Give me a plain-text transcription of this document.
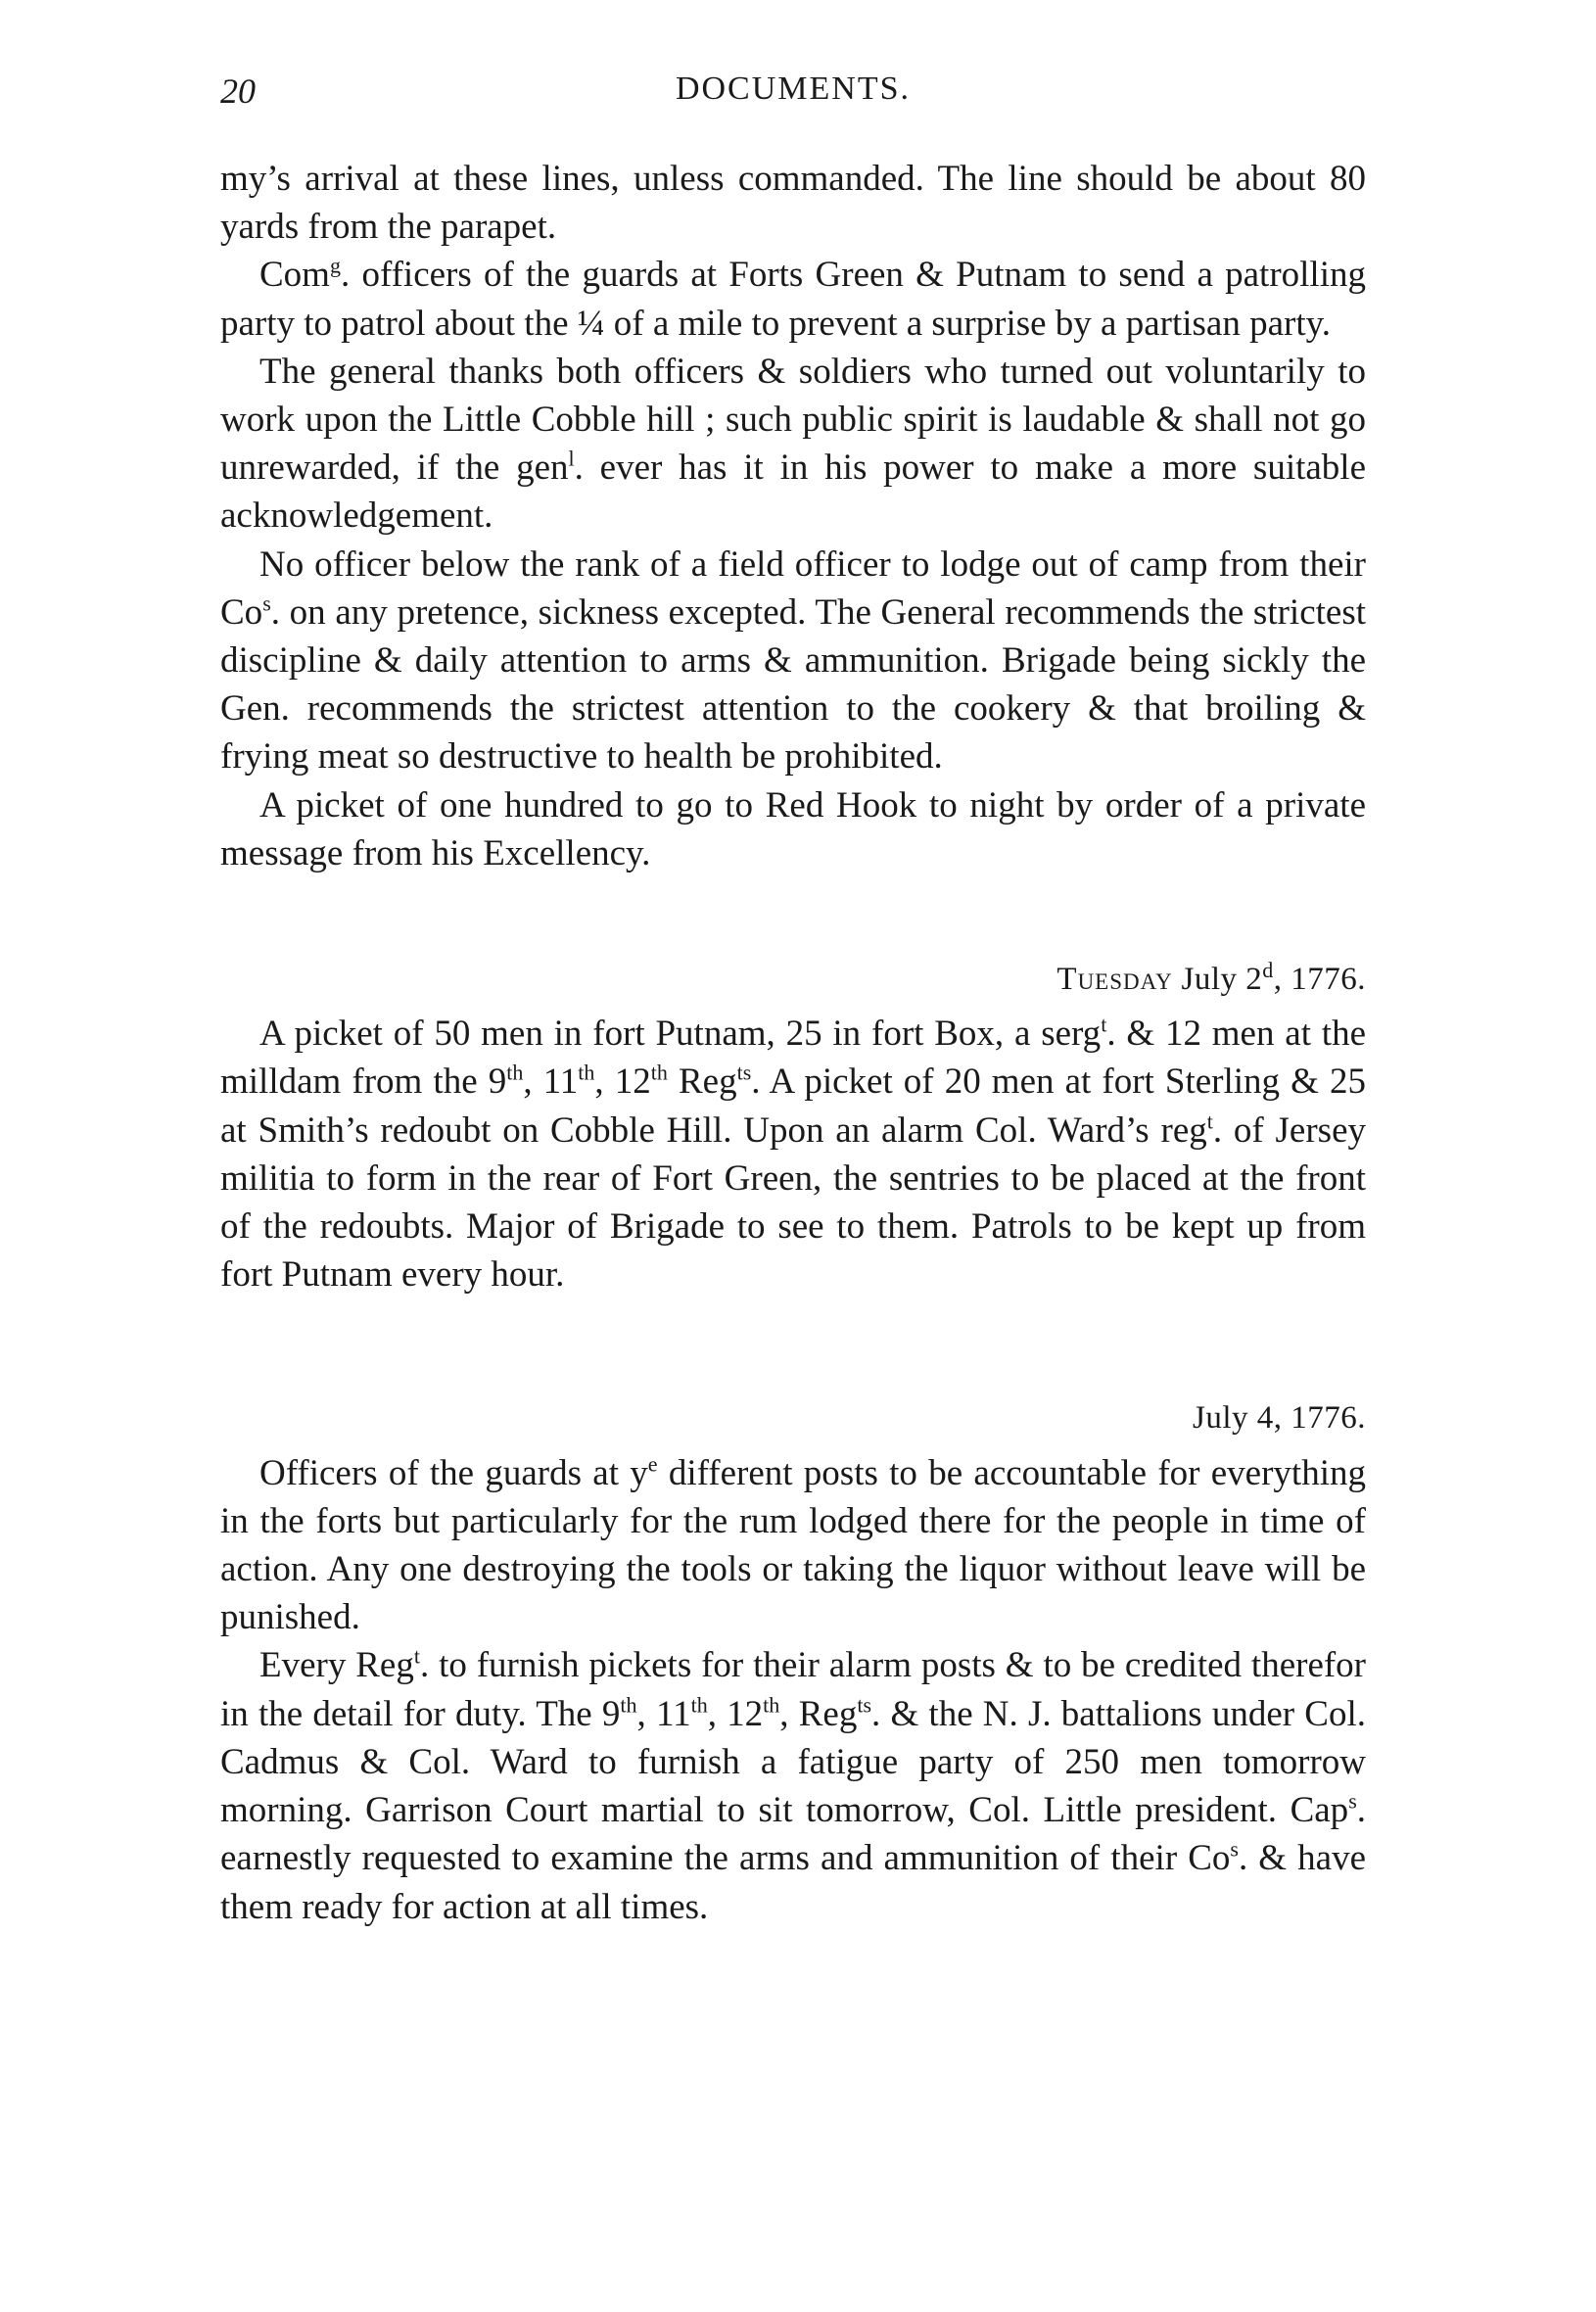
20	DOCUMENTS.

my’s arrival at these lines, unless commanded. The line should be about 80 yards from the parapet.

Com$^g$. officers of the guards at Forts Green & Putnam to send a patrolling party to patrol about the ¼ of a mile to prevent a surprise by a partisan party.

The general thanks both officers & soldiers who turned out voluntarily to work upon the Little Cobble hill ; such public spirit is laudable & shall not go unrewarded, if the gen$^l$. ever has it in his power to make a more suitable acknowledgement.

No officer below the rank of a field officer to lodge out of camp from their Co$^s$. on any pretence, sickness excepted. The General recommends the strictest discipline & daily attention to arms & ammunition. Brigade being sickly the Gen. recommends the strictest attention to the cookery & that broiling & frying meat so destructive to health be prohibited.

A picket of one hundred to go to Red Hook to night by order of a private message from his Excellency.

Tuesday July 2$^d$, 1776.

A picket of 50 men in fort Putnam, 25 in fort Box, a serg$^t$. & 12 men at the milldam from the 9th, 11th, 12th Reg$^{ts}$. A picket of 20 men at fort Sterling & 25 at Smith’s redoubt on Cobble Hill. Upon an alarm Col. Ward’s reg$^t$. of Jersey militia to form in the rear of Fort Green, the sentries to be placed at the front of the redoubts. Major of Brigade to see to them. Patrols to be kept up from fort Putnam every hour.

July 4, 1776.

Officers of the guards at $y^e$ different posts to be accountable for everything in the forts but particularly for the rum lodged there for the people in time of action. Any one destroying the tools or taking the liquor without leave will be punished.

Every Reg$^t$. to furnish pickets for their alarm posts & to be credited therefor in the detail for duty. The 9th, 11th, 12th, Reg$^{ts}$. & the N. J. battalions under Col. Cadmus & Col. Ward to furnish a fatigue party of 250 men tomorrow morning. Garrison Court martial to sit tomorrow, Col. Little president. Cap$^s$. earnestly requested to examine the arms and ammunition of their Co$^s$. & have them ready for action at all times.
